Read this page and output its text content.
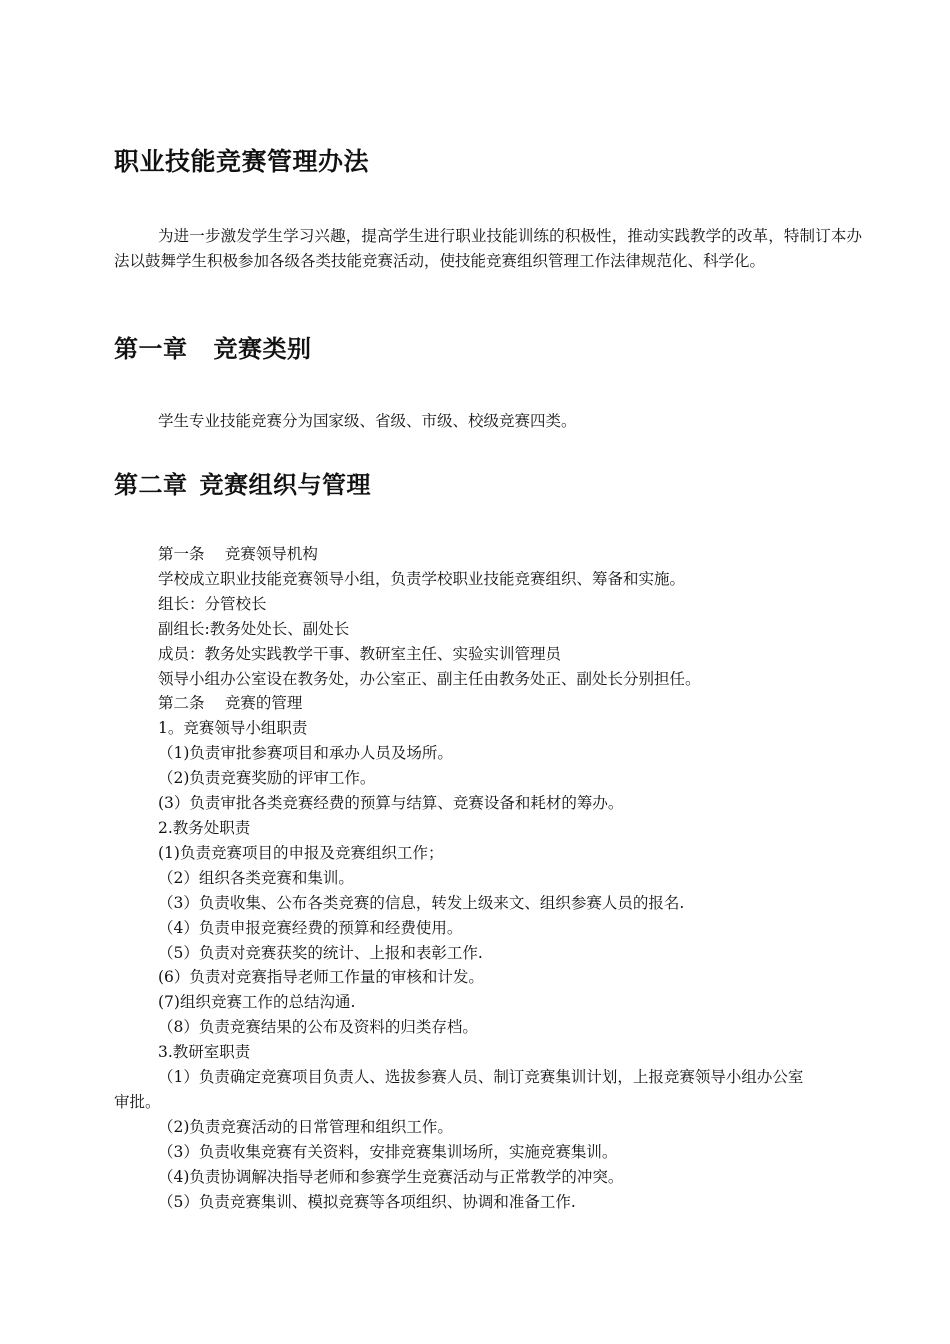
职业技能竞赛管理办法

为进一步激发学生学习兴趣，提高学生进行职业技能训练的积极性，推动实践教学的改革，特制订本办法以鼓舞学生积极参加各级各类技能竞赛活动，使技能竞赛组织管理工作法律规范化、科学化。

第一章 竞赛类别

学生专业技能竞赛分为国家级、省级、市级、校级竞赛四类。

第二章 竞赛组织与管理
第一条　 竞赛领导机构
学校成立职业技能竞赛领导小组，负责学校职业技能竞赛组织、筹备和实施。
组长：分管校长
副组长:教务处处长、副处长
成员：教务处实践教学干事、教研室主任、实验实训管理员
领导小组办公室设在教务处，办公室正、副主任由教务处正、副处长分别担任。
第二条　 竞赛的管理
1。竞赛领导小组职责
（1)负责审批参赛项目和承办人员及场所。
（2)负责竞赛奖励的评审工作。
(3）负责审批各类竞赛经费的预算与结算、竞赛设备和耗材的筹办。
2.教务处职责
(1)负责竞赛项目的申报及竞赛组织工作；
（2）组织各类竞赛和集训。
（3）负责收集、公布各类竞赛的信息，转发上级来文、组织参赛人员的报名.
（4）负责申报竞赛经费的预算和经费使用。
（5）负责对竞赛获奖的统计、上报和表彰工作.
(6）负责对竞赛指导老师工作量的审核和计发。
(7)组织竞赛工作的总结沟通.
（8）负责竞赛结果的公布及资料的归类存档。
3.教研室职责
（1）负责确定竞赛项目负责人、选拔参赛人员、制订竞赛集训计划，上报竞赛领导小组办公室
审批。
（2)负责竞赛活动的日常管理和组织工作。
（3）负责收集竞赛有关资料，安排竞赛集训场所，实施竞赛集训。
（4)负责协调解决指导老师和参赛学生竞赛活动与正常教学的冲突。
（5）负责竞赛集训、模拟竞赛等各项组织、协调和准备工作.
